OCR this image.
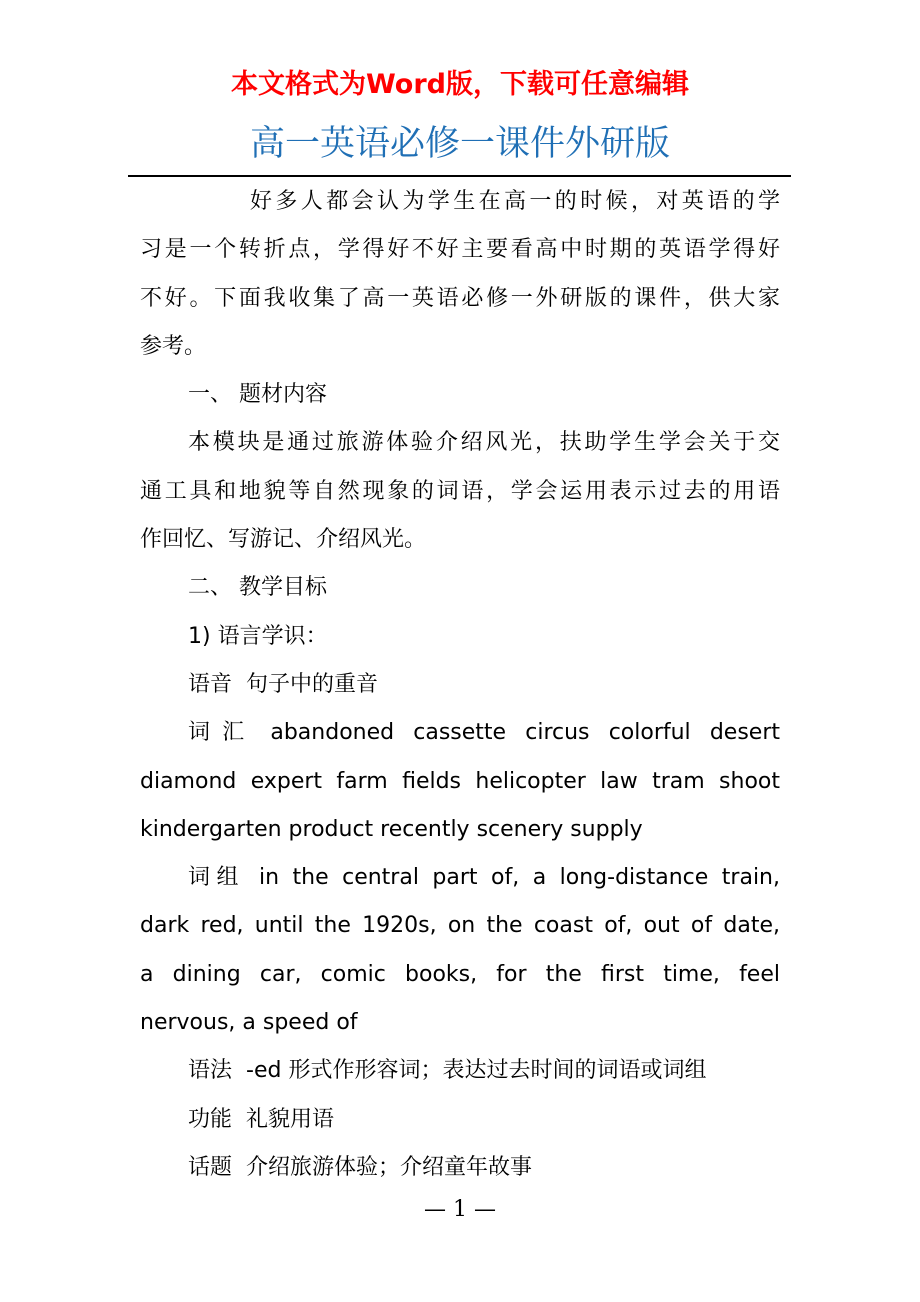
本文格式为Word版，下载可任意编辑
高一英语必修一课件外研版

好多人都会认为学生在高一的时候，对英语的学

习是一个转折点，学得好不好主要看高中时期的英语学得好

不好。下面我收集了高一英语必修一外研版的课件，供大家

参考。

一、 题材内容

本模块是通过旅游体验介绍风光，扶助学生学会关于交

通工具和地貌等自然现象的词语，学会运用表示过去的用语

作回忆、写游记、介绍风光。

二、 教学目标

1) 语言学识：

语音 句子中的重音

词汇 abandoned cassette circus colorful desert

diamond expert farm fields helicopter law tram shoot

kindergarten product recently scenery supply

词组 in the central part of, a long-distance train,

dark red, until the 1920s, on the coast of, out of date,

a dining car, comic books, for the first time, feel

nervous, a speed of

语法 -ed 形式作形容词；表达过去时间的词语或词组

功能 礼貌用语

话题 介绍旅游体验；介绍童年故事

— 1 —
